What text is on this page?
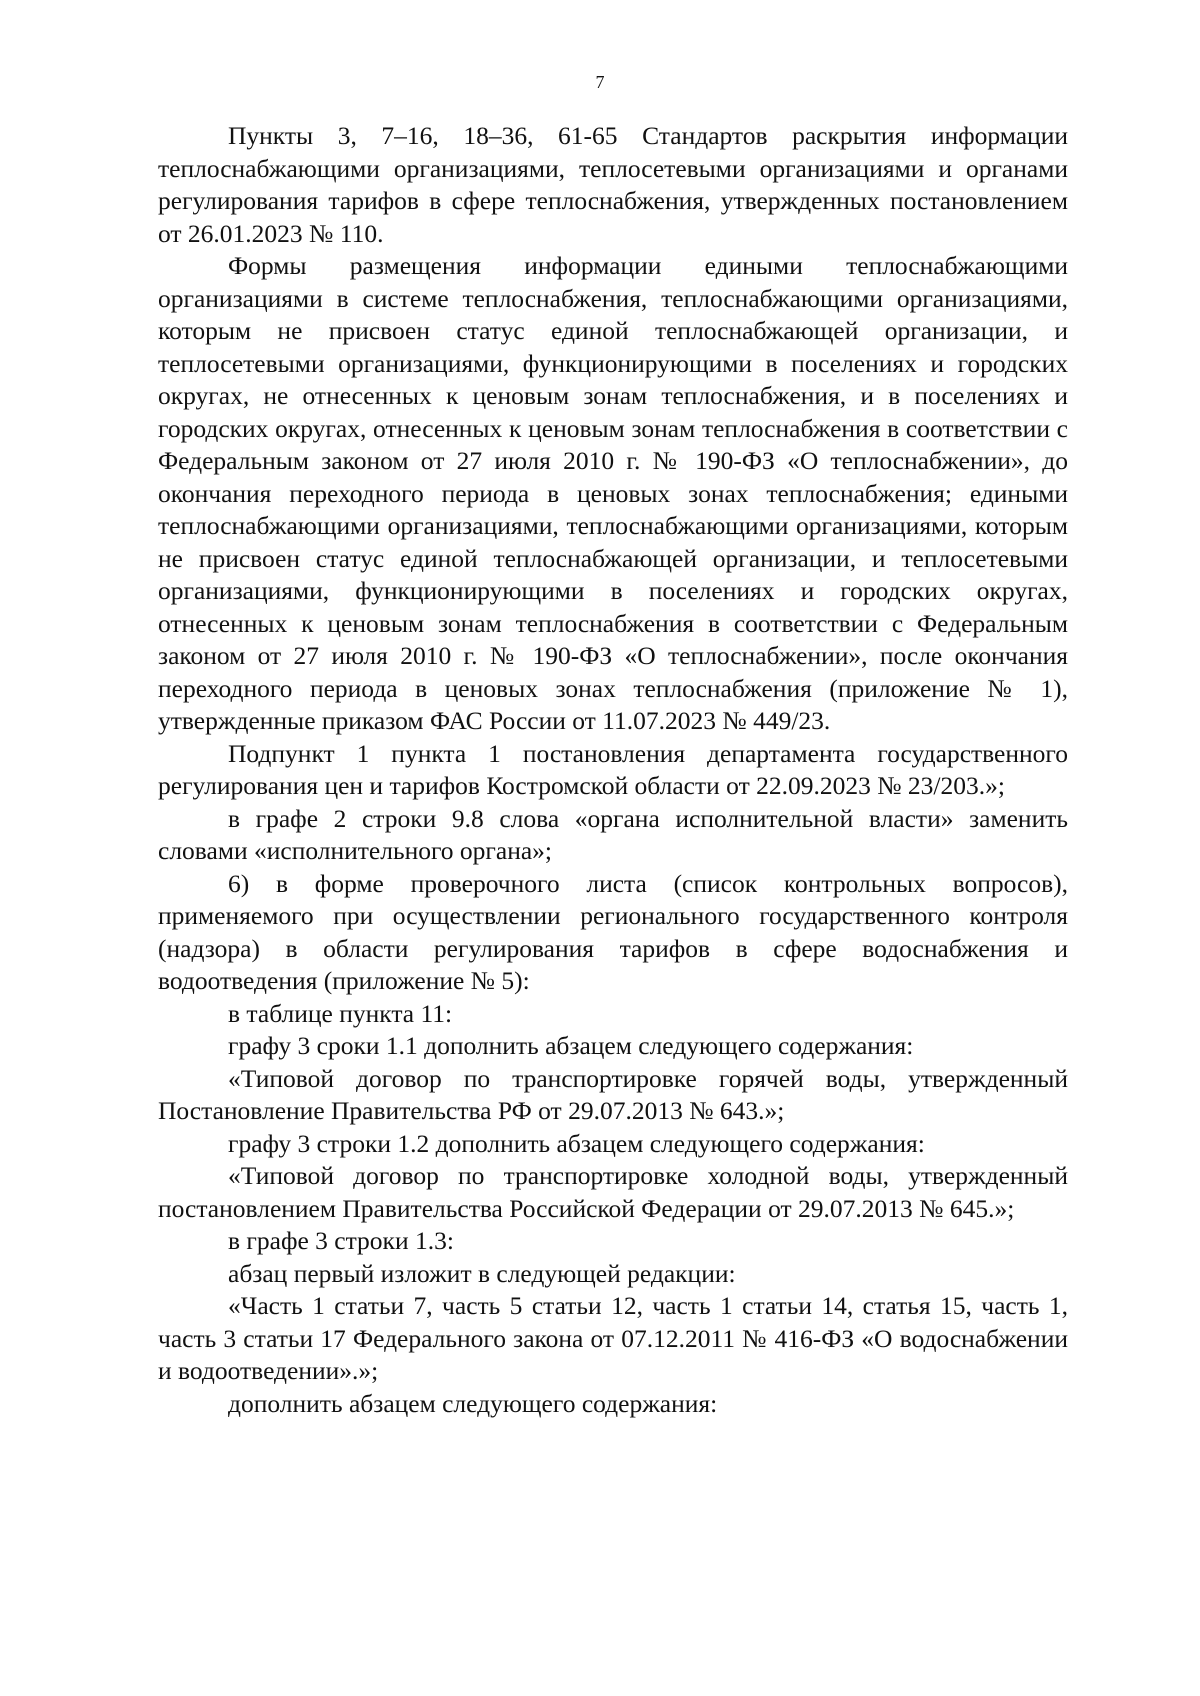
7

Пункты 3, 7–16, 18–36, 61-65 Стандартов раскрытия информации теплоснабжающими организациями, теплосетевыми организациями и органами регулирования тарифов в сфере теплоснабжения, утвержденных постановлением от 26.01.2023 № 110.

Формы размещения информации едиными теплоснабжающими организациями в системе теплоснабжения, теплоснабжающими организациями, которым не присвоен статус единой теплоснабжающей организации, и теплосетевыми организациями, функционирующими в поселениях и городских округах, не отнесенных к ценовым зонам теплоснабжения, и в поселениях и городских округах, отнесенных к ценовым зонам теплоснабжения в соответствии с Федеральным законом от 27 июля 2010 г. № 190-ФЗ «О теплоснабжении», до окончания переходного периода в ценовых зонах теплоснабжения; едиными теплоснабжающими организациями, теплоснабжающими организациями, которым не присвоен статус единой теплоснабжающей организации, и теплосетевыми организациями, функционирующими в поселениях и городских округах, отнесенных к ценовым зонам теплоснабжения в соответствии с Федеральным законом от 27 июля 2010 г. № 190-ФЗ «О теплоснабжении», после окончания переходного периода в ценовых зонах теплоснабжения (приложение № 1), утвержденные приказом ФАС России от 11.07.2023 № 449/23.

Подпункт 1 пункта 1 постановления департамента государственного регулирования цен и тарифов Костромской области от 22.09.2023 № 23/203.»;

в графе 2 строки 9.8 слова «органа исполнительной власти» заменить словами «исполнительного органа»;

6) в форме проверочного листа (список контрольных вопросов), применяемого при осуществлении регионального государственного контроля (надзора) в области регулирования тарифов в сфере водоснабжения и водоотведения (приложение № 5):

в таблице пункта 11:

графу 3 сроки 1.1 дополнить абзацем следующего содержания:

«Типовой договор по транспортировке горячей воды, утвержденный Постановление Правительства РФ от 29.07.2013 № 643.»;

графу 3 строки 1.2 дополнить абзацем следующего содержания:

«Типовой договор по транспортировке холодной воды, утвержденный постановлением Правительства Российской Федерации от 29.07.2013 № 645.»;

в графе 3 строки 1.3:

абзац первый изложит в следующей редакции:

«Часть 1 статьи 7, часть 5 статьи 12, часть 1 статьи 14, статья 15, часть 1, часть 3 статьи 17 Федерального закона от 07.12.2011 № 416-ФЗ «О водоснабжении и водоотведении».»;

дополнить абзацем следующего содержания:
